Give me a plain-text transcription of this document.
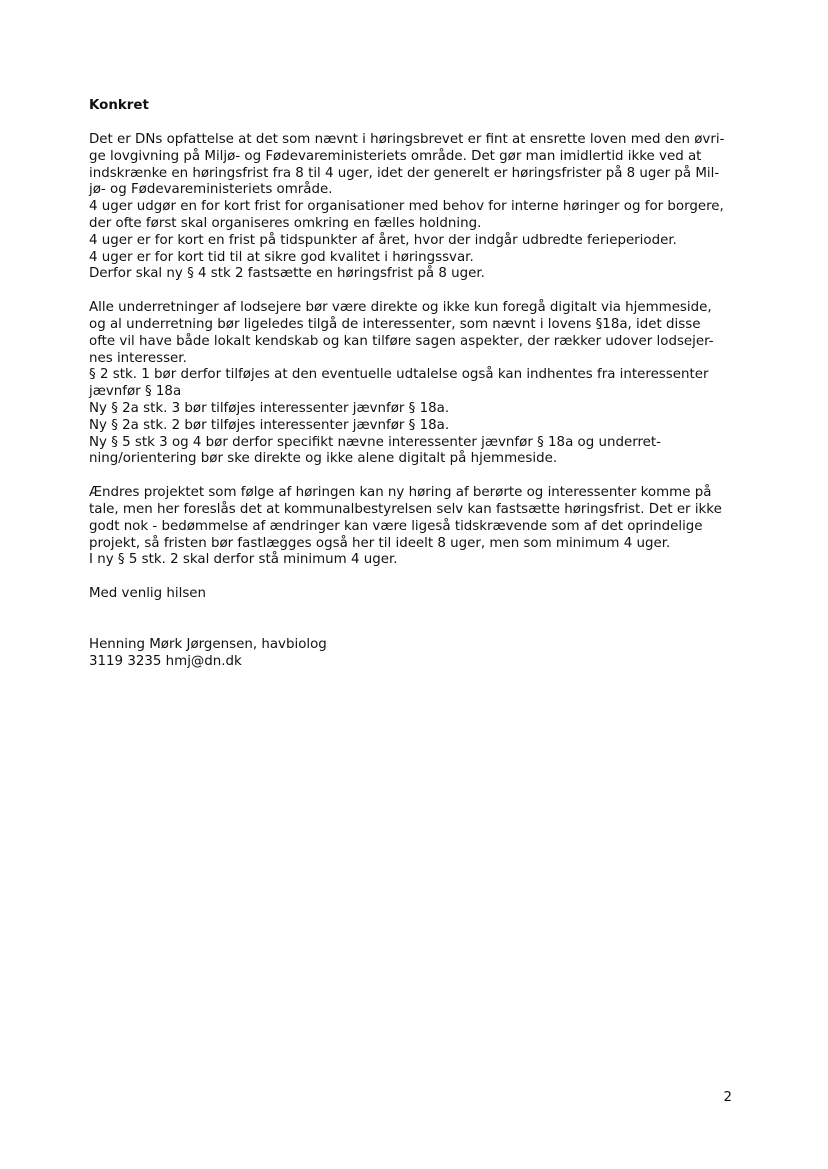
Konkret
Det er DNs opfattelse at det som nævnt i høringsbrevet er fint at ensrette loven med den øvri-
ge lovgivning på Miljø- og Fødevareministeriets område. Det gør man imidlertid ikke ved at
indskrænke en høringsfrist fra 8 til 4 uger, idet der generelt er høringsfrister på 8 uger på Mil-
jø- og Fødevareministeriets område.
4 uger udgør en for kort frist for organisationer med behov for interne høringer og for borgere,
der ofte først skal organiseres omkring en fælles holdning.
4 uger er for kort en frist på tidspunkter af året, hvor der indgår udbredte ferieperioder.
4 uger er for kort tid til at sikre god kvalitet i høringssvar.
Derfor skal ny § 4 stk 2 fastsætte en høringsfrist på 8 uger.
Alle underretninger af lodsejere bør være direkte og ikke kun foregå digitalt via hjemmeside,
og al underretning bør ligeledes tilgå de interessenter, som nævnt i lovens §18a, idet disse
ofte vil have både lokalt kendskab og kan tilføre sagen aspekter, der rækker udover lodsejer-
nes interesser.
§ 2 stk. 1 bør derfor tilføjes at den eventuelle udtalelse også kan indhentes fra interessenter
jævnfør § 18a
Ny § 2a stk. 3 bør tilføjes interessenter jævnfør § 18a.
Ny § 2a stk. 2 bør tilføjes interessenter jævnfør § 18a.
Ny § 5 stk 3 og 4 bør derfor specifikt nævne interessenter jævnfør § 18a og underret-
ning/orientering bør ske direkte og ikke alene digitalt på hjemmeside.
Ændres projektet som følge af høringen kan ny høring af berørte og interessenter komme på
tale, men her foreslås det at kommunalbestyrelsen selv kan fastsætte høringsfrist. Det er ikke
godt nok - bedømmelse af ændringer kan være ligeså tidskrævende som af det oprindelige
projekt, så fristen bør fastlægges også her til ideelt 8 uger, men som minimum 4 uger.
I ny § 5 stk. 2 skal derfor stå minimum 4 uger.
Med venlig hilsen
Henning Mørk Jørgensen, havbiolog
3119 3235 hmj@dn.dk
2
